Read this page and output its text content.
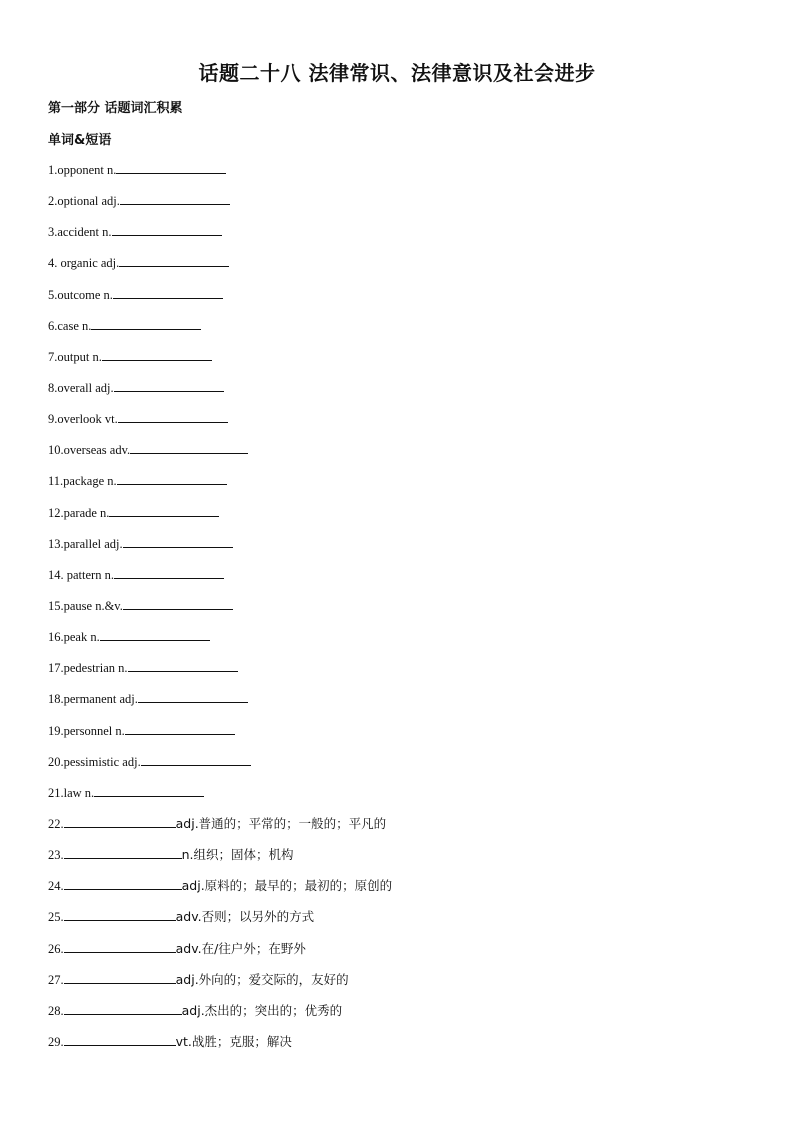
话题二十八 法律常识、法律意识及社会进步
第一部分 话题词汇积累
单词&短语
1.opponent n.
2.optional adj.
3.accident n.
4. organic adj.
5.outcome n.
6.case n.
7.output n.
8.overall adj.
9.overlook vt.
10.overseas adv.
11.package n.
12.parade n.
13.parallel adj.
14. pattern n.
15.pause n.&v.
16.peak n.
17.pedestrian n.
18.permanent adj.
19.personnel n.
20.pessimistic adj.
21.law n.
22.	adj.普通的；平常的；一般的；平凡的
23.	n.组织；固体；机构
24.	adj.原料的；最早的；最初的；原创的
25.	adv.否则；以另外的方式
26.	adv.在/往户外；在野外
27.	adj.外向的；爱交际的，友好的
28.	adj.杰出的；突出的；优秀的
29.	vt.战胜；克服；解决
